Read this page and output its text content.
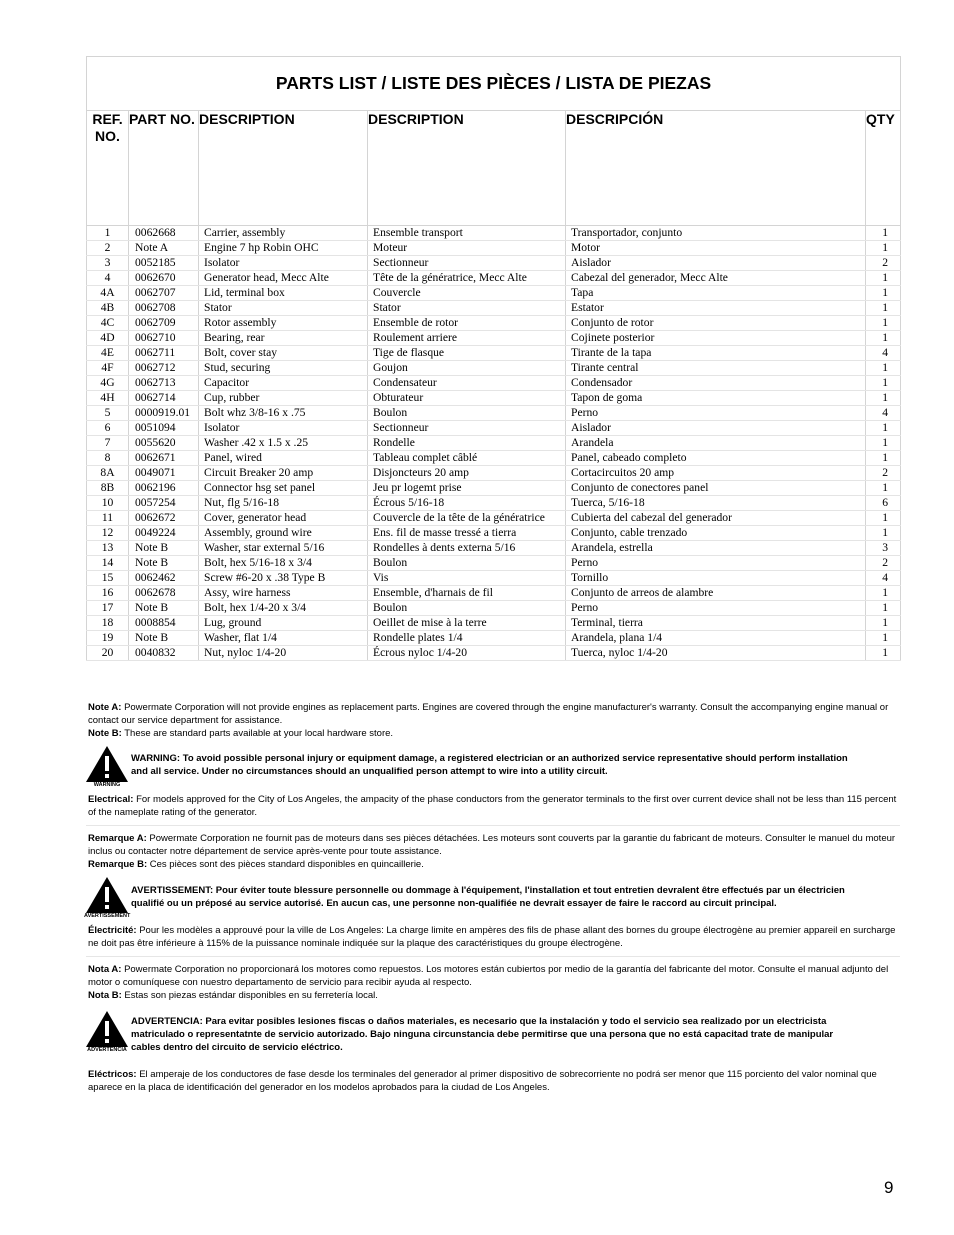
PARTS LIST / LISTE DES PIÈCES / LISTA DE PIEZAS					
REF. NO.	PART NO.	DESCRIPTION	DESCRIPTION	DESCRIPCIÓN	QTY
1	0062668	Carrier, assembly	Ensemble transport	Transportador, conjunto	1
2	Note A	Engine 7 hp Robin OHC	Moteur	Motor	1
3	0052185	Isolator	Sectionneur	Aislador	2
4	0062670	Generator head, Mecc Alte	Tête de la génératrice, Mecc Alte	Cabezal del generador, Mecc Alte	1
4A	0062707	Lid, terminal box	Couvercle	Tapa	1
4B	0062708	Stator	Stator	Estator	1
4C	0062709	Rotor assembly	Ensemble de rotor	Conjunto de rotor	1
4D	0062710	Bearing, rear	Roulement arriere	Cojinete posterior	1
4E	0062711	Bolt, cover stay	Tige de flasque	Tirante de la tapa	4
4F	0062712	Stud, securing	Goujon	Tirante central	1
4G	0062713	Capacitor	Condensateur	Condensador	1
4H	0062714	Cup, rubber	Obturateur	Tapon de goma	1
5	0000919.01	Bolt whz 3/8-16 x .75	Boulon	Perno	4
6	0051094	Isolator	Sectionneur	Aislador	1
7	0055620	Washer .42 x 1.5 x .25	Rondelle	Arandela	1
8	0062671	Panel, wired	Tableau complet câblé	Panel, cabeado completo	1
8A	0049071	Circuit Breaker 20 amp	Disjoncteurs 20 amp	Cortacircuitos 20 amp	2
8B	0062196	Connector hsg set panel	Jeu pr logemt prise	Conjunto de conectores panel	1
10	0057254	Nut, flg 5/16-18	Écrous 5/16-18	Tuerca, 5/16-18	6
11	0062672	Cover, generator head	Couvercle de la tête de la génératrice	Cubierta del cabezal del generador	1
12	0049224	Assembly, ground wire	Ens. fil de masse tressé a tierra	Conjunto, cable trenzado	1
13	Note B	Washer, star external 5/16	Rondelles à dents externa 5/16	Arandela, estrella	3
14	Note B	Bolt, hex 5/16-18 x 3/4	Boulon	Perno	2
15	0062462	Screw #6-20 x .38 Type B	Vis	Tornillo	4
16	0062678	Assy, wire harness	Ensemble, d'harnais de fil	Conjunto de arreos de alambre	1
17	Note B	Bolt, hex 1/4-20 x 3/4	Boulon	Perno	1
18	0008854	Lug, ground	Oeillet de mise à la terre	Terminal, tierra	1
19	Note B	Washer, flat 1/4	Rondelle plates 1/4	Arandela, plana 1/4	1
20	0040832	Nut, nyloc 1/4-20	Écrous nyloc 1/4-20	Tuerca, nyloc 1/4-20	1

Note A: Powermate Corporation will not provide engines as replacement parts. Engines are covered through the engine manufacturer's warranty. Consult the accompanying engine manual or contact our service department for assistance.

Note B: These are standard parts available at your local hardware store.

WARNING
WARNING: To avoid possible personal injury or equipment damage, a registered electrician or an authorized service representative should perform installation and all service. Under no circumstances should an unqualified person attempt to wire into a utility circuit.
Electrical: For models approved for the City of Los Angeles, the ampacity of the phase conductors from the generator terminals to the first over current device shall not be less than 115 percent of the nameplate rating of the generator.

Remarque A: Powermate Corporation ne fournit pas de moteurs dans ses pièces détachées. Les moteurs sont couverts par la garantie du fabricant de moteurs. Consulter le manuel du moteur inclus ou contacter notre département de service après-vente pour toute assistance.

Remarque B: Ces pièces sont des pièces standard disponibles en quincaillerie.

AVERTISSEMENT
AVERTISSEMENT: Pour éviter toute blessure personnelle ou dommage à l'équipement, l'installation et tout entretien devralent être effectués par un électricien qualifié ou un préposé au service autorisé. En aucun cas, une personne non-qualifiée ne devrait essayer de faire le raccord au circuit principal.
Électricité: Pour les modèles a approuvé pour la ville de Los Angeles: La charge limite en ampères des fils de phase allant des bornes du groupe électrogène au premier appareil en surcharge ne doit pas être inférieure à 115% de la puissance nominale indiquée sur la plaque des caractéristiques du groupe électrogène.

Nota A: Powermate Corporation no proporcionará los motores como repuestos. Los motores están cubiertos por medio de la garantía del fabricante del motor. Consulte el manual adjunto del motor o comuníquese con nuestro departamento de servicio para recibir ayuda al respecto.

Nota B: Estas son piezas estándar disponibles en su ferretería local.

ADVERTENCIA
ADVERTENCIA: Para evitar posibles lesiones fiscas o daños materiales, es necesario que la instalación y todo el servicio sea realizado por un electricista matriculado o representatnte de servicio autorizado. Bajo ninguna circunstancia debe permitirse que una persona que no está capacitad trate de manipular cables dentro del circuito de servicio eléctrico.
Eléctricos: El amperaje de los conductores de fase desde los terminales del generador al primer dispositivo de sobrecorriente no podrá ser menor que 115 porciento del valor nominal que aparece en la placa de identificación del generador en los modelos aprobados para la ciudad de Los Angeles.
9
